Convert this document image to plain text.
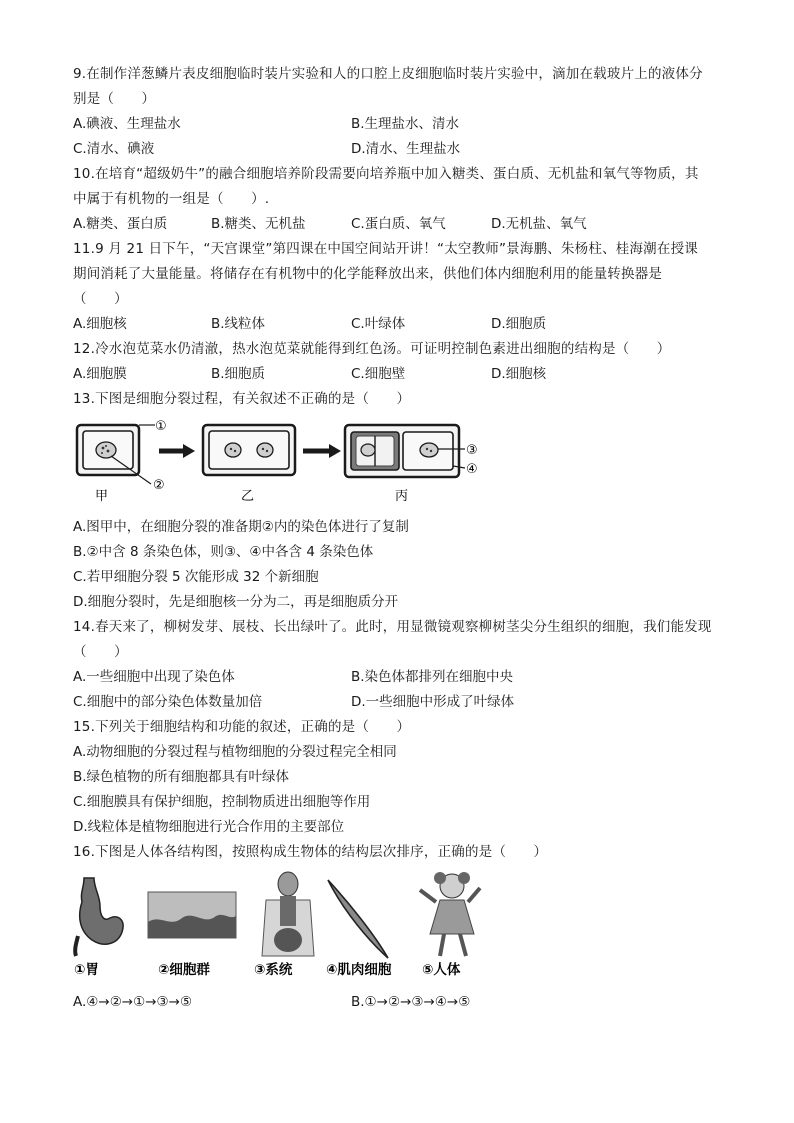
9.在制作洋葱鳞片表皮细胞临时装片实验和人的口腔上皮细胞临时装片实验中，滴加在载玻片上的液体分
别是（　　）
A.碘液、生理盐水	B.生理盐水、清水
C.清水、碘液	D.清水、生理盐水
10.在培育“超级奶牛”的融合细胞培养阶段需要向培养瓶中加入糖类、蛋白质、无机盐和氧气等物质，其
中属于有机物的一组是（　　）.
A.糖类、蛋白质	B.糖类、无机盐	C.蛋白质、氧气	D.无机盐、氧气
11.9 月 21 日下午，“天宫课堂”第四课在中国空间站开讲！“太空教师”景海鹏、朱杨柱、桂海潮在授课
期间消耗了大量能量。将储存在有机物中的化学能释放出来，供他们体内细胞利用的能量转换器是
（　　）
A.细胞核	B.线粒体	C.叶绿体	D.细胞质
12.冷水泡苋菜水仍清澈，热水泡苋菜就能得到红色汤。可证明控制色素进出细胞的结构是（　　）
A.细胞膜	B.细胞质	C.细胞壁	D.细胞核
13.下图是细胞分裂过程，有关叙述不正确的是（　　）
①
②
甲	乙
③
④
丙
A.图甲中，在细胞分裂的准备期②内的染色体进行了复制
B.②中含 8 条染色体，则③、④中各含 4 条染色体
C.若甲细胞分裂 5 次能形成 32 个新细胞
D.细胞分裂时，先是细胞核一分为二，再是细胞质分开
14.春天来了，柳树发芽、展枝、长出绿叶了。此时，用显微镜观察柳树茎尖分生组织的细胞，我们能发现
（　　）
A.一些细胞中出现了染色体	B.染色体都排列在细胞中央
C.细胞中的部分染色体数量加倍	D.一些细胞中形成了叶绿体
15.下列关于细胞结构和功能的叙述，正确的是（　　）
A.动物细胞的分裂过程与植物细胞的分裂过程完全相同
B.绿色植物的所有细胞都具有叶绿体
C.细胞膜具有保护细胞，控制物质进出细胞等作用
D.线粒体是植物细胞进行光合作用的主要部位
16.下图是人体各结构图，按照构成生物体的结构层次排序，正确的是（　　）
①胃	②细胞群	③系统 ④肌肉细胞 ⑤人体
A.④→②→①→③→⑤	B.①→②→③→④→⑤
